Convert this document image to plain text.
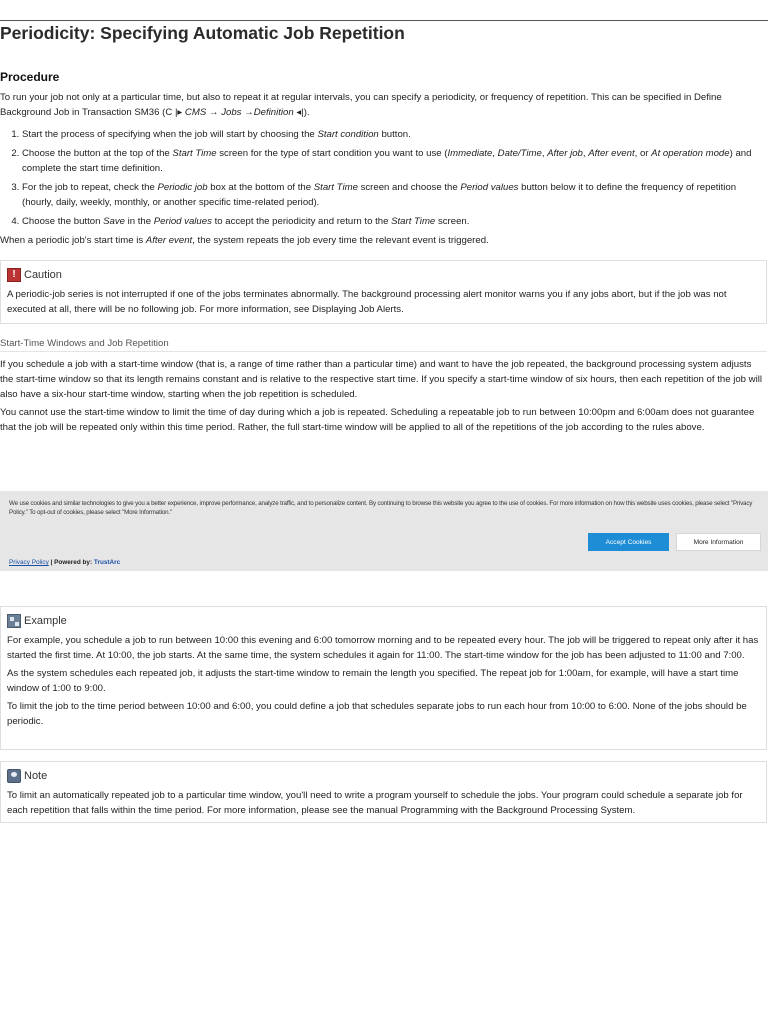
Periodicity: Specifying Automatic Job Repetition
Procedure

To run your job not only at a particular time, but also to repeat it at regular intervals, you can specify a periodicity, or frequency of repetition. This can be specified in Define Background Job in Transaction SM36 (C |▸ CMS → Jobs →Definition ◂|).

1. Start the process of specifying when the job will start by choosing the Start condition button.
2. Choose the button at the top of the Start Time screen for the type of start condition you want to use (Immediate, Date/Time, After job, After event, or At operation mode) and complete the start time definition.
3. For the job to repeat, check the Periodic job box at the bottom of the Start Time screen and choose the Period values button below it to define the frequency of repetition (hourly, daily, weekly, monthly, or another specific time-related period).
4. Choose the button Save in the Period values to accept the periodicity and return to the Start Time screen.

When a periodic job's start time is After event, the system repeats the job every time the relevant event is triggered.

!
Caution

A periodic-job series is not interrupted if one of the jobs terminates abnormally. The background processing alert monitor warns you if any jobs abort, but if the job was not executed at all, there will be no following job. For more information, see Displaying Job Alerts.

Start-Time Windows and Job Repetition

If you schedule a job with a start-time window (that is, a range of time rather than a particular time) and want to have the job repeated, the background processing system adjusts the start-time window so that its length remains constant and is relative to the respective start time. If you specify a start-time window of six hours, then each repetition of the job will also have a six-hour start-time window, starting when the job repetition is scheduled.

You cannot use the start-time window to limit the time of day during which a job is repeated. Scheduling a repeatable job to run between 10:00pm and 6:00am does not guarantee that the job will be repeated only within this time period. Rather, the full start-time window will be applied to all of the repetitions of the job according to the rules above.

We use cookies and similar technologies to give you a better experience, improve performance, analyze traffic, and to personalize content. By continuing to browse this website you agree to the use of cookies. For more information on how this website uses cookies, please select "Privacy Policy." To opt-out of cookies, please select "More Information."
Accept Cookies	More Information
Privacy Policy | Powered by: TrustArc
Example

For example, you schedule a job to run between 10:00 this evening and 6:00 tomorrow morning and to be repeated every hour. The job will be triggered to repeat only after it has started the first time. At 10:00, the job starts. At the same time, the system schedules it again for 11:00. The start-time window for the job has been adjusted to 11:00 and 7:00.

As the system schedules each repeated job, it adjusts the start-time window to remain the length you specified. The repeat job for 1:00am, for example, will have a start time window of 1:00 to 9:00.

To limit the job to the time period between 10:00 and 6:00, you could define a job that schedules separate jobs to run each hour from 10:00 to 6:00. None of the jobs should be periodic.

Note

To limit an automatically repeated job to a particular time window, you'll need to write a program yourself to schedule the jobs. Your program could schedule a separate job for each repetition that falls within the time period. For more information, please see the manual Programming with the Background Processing System.
